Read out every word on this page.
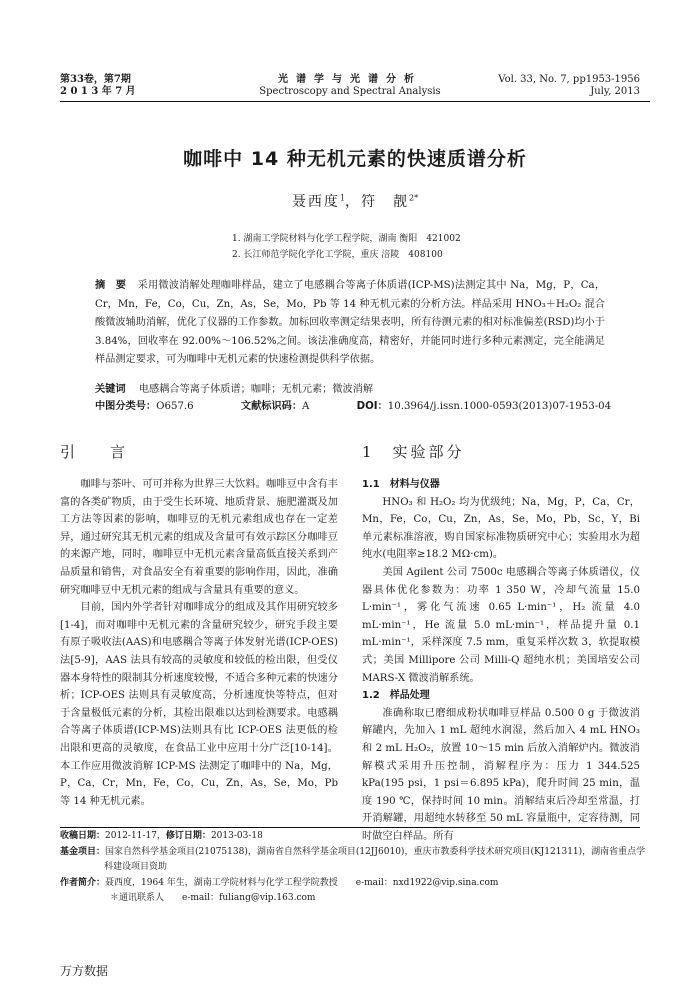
第33卷，第7期
2 0 1 3 年 7 月
光谱学与光谱分析
Spectroscopy and Spectral Analysis
Vol. 33, No. 7, pp1953-1956
July, 2013
咖啡中 14 种无机元素的快速质谱分析
聂西度$^1$，符　靓$^{2*}$
1. 湖南工学院材料与化学工程学院，湖南 衡阳　421002
2. 长江师范学院化学化工学院，重庆 涪陵　408100
摘　要 采用微波消解处理咖啡样品，建立了电感耦合等离子体质谱(ICP-MS)法测定其中 Na，Mg，P，Ca，Cr，Mn，Fe，Co，Cu，Zn，As，Se，Mo，Pb 等 14 种无机元素的分析方法。样品采用 HNO₃＋H₂O₂ 混合酸微波辅助消解，优化了仪器的工作参数。加标回收率测定结果表明，所有待测元素的相对标准偏差(RSD)均小于 3.84%，回收率在 92.00%～106.52%之间。该法准确度高，精密好，并能同时进行多种元素测定，完全能满足样品测定要求，可为咖啡中无机元素的快速检测提供科学依据。
关键词 电感耦合等离子体质谱；咖啡；无机元素；微波消解
中图分类号：O657.6	文献标识码：A	DOI：10.3964/j.issn.1000-0593(2013)07-1953-04
引　言	1　实验部分

咖啡与茶叶、可可并称为世界三大饮料。咖啡豆中含有丰富的各类矿物质，由于受生长环境、地质背景、施肥灌溉及加工方法等因素的影响，咖啡豆的无机元素组成也存在一定差异，通过研究其无机元素的组成及含量可有效示踪区分咖啡豆的来源产地，同时，咖啡豆中无机元素含量高低直接关系到产品质量和销售，对食品安全有着重要的影响作用，因此，准确研究咖啡豆中无机元素的组成与含量具有重要的意义。

目前，国内外学者针对咖啡成分的组成及其作用研究较多[1-4]，而对咖啡中无机元素的含量研究较少，研究手段主要有原子吸收法(AAS)和电感耦合等离子体发射光谱(ICP-OES)法[5-9]，AAS 法具有较高的灵敏度和较低的检出限，但受仪器本身特性的限制其分析速度较慢，不适合多种元素的快速分析；ICP-OES 法则具有灵敏度高，分析速度快等特点，但对于含量极低元素的分析，其检出限难以达到检测要求。电感耦合等离子体质谱(ICP-MS)法则具有比 ICP-OES 法更低的检出限和更高的灵敏度，在食品工业中应用十分广泛[10-14]。本工作应用微波消解 ICP-MS 法测定了咖啡中的 Na，Mg，P，Ca，Cr，Mn，Fe，Co，Cu，Zn，As，Se，Mo，Pb 等 14 种无机元素。

1.1　材料与仪器

HNO₃ 和 H₂O₂ 均为优级纯；Na，Mg，P，Ca，Cr，Mn，Fe，Co，Cu，Zn，As，Se，Mo，Pb，Sc，Y，Bi 单元素标准溶液，购自国家标准物质研究中心；实验用水为超纯水(电阻率≥18.2 MΩ·cm)。

美国 Agilent 公司 7500c 电感耦合等离子体质谱仪，仪器具体优化参数为：功率 1 350 W，冷却气流量 15.0 L·min⁻¹，雾化气流速 0.65 L·min⁻¹，H₂ 流量 4.0 mL·min⁻¹，He 流量 5.0 mL·min⁻¹，样品提升量 0.1 mL·min⁻¹，采样深度 7.5 mm，重复采样次数 3，软提取模式；美国 Millipore 公司 Milli-Q 超纯水机；美国培安公司 MARS-X 微波消解系统。

1.2　样品处理

准确称取已磨细成粉状咖啡豆样品 0.500 0 g 于微波消解罐内，先加入 1 mL 超纯水润湿，然后加入 4 mL HNO₃ 和 2 mL H₂O₂，放置 10～15 min 后放入消解炉内。微波消解模式采用升压控制，消解程序为：压力 1 344.525 kPa(195 psi，1 psi＝6.895 kPa)，爬升时间 25 min，温度 190 ℃，保持时间 10 min。消解结束后冷却至常温，打开消解罐，用超纯水转移至 50 mL 容量瓶中，定容待测，同时做空白样品。所有

收稿日期：2012-11-17，修订日期：2013-03-18

基金项目：国家自然科学基金项目(21075138)，湖南省自然科学基金项目(12JJ6010)，重庆市教委科学技术研究项目(KJ121311)，湖南省重点学科建设项目资助

作者简介：聂西度，1964 年生，湖南工学院材料与化学工程学院教授　　e-mail：nxd1922@vip.sina.com

＊通讯联系人　　e-mail：fuliang@vip.163.com

万方数据
